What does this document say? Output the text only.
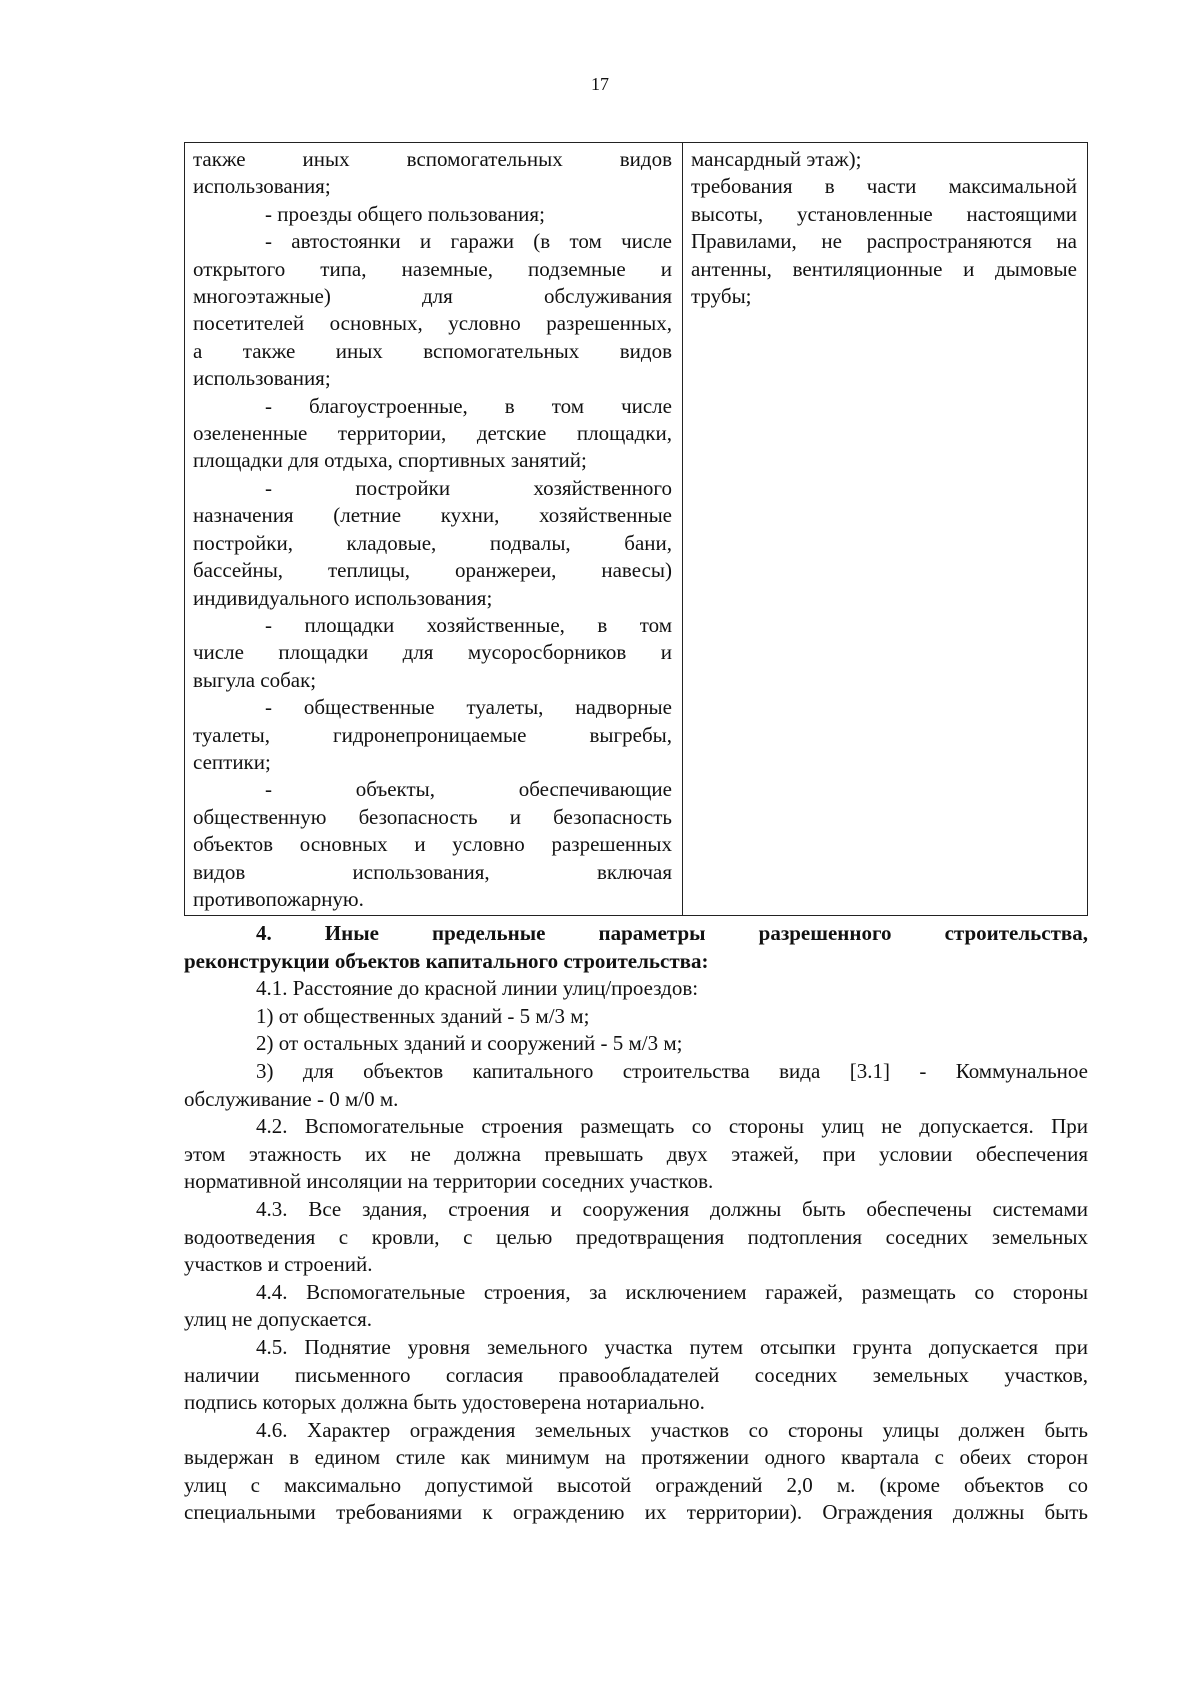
17
также иных вспомогательных видов
использования;
- проезды общего пользования;
- автостоянки и гаражи (в том числе
открытого типа, наземные, подземные и
многоэтажные) для обслуживания
посетителей основных, условно разрешенных,
а также иных вспомогательных видов
использования;
- благоустроенные, в том числе
озелененные территории, детские площадки,
площадки для отдыха, спортивных занятий;
- постройки хозяйственного
назначения (летние кухни, хозяйственные
постройки, кладовые, подвалы, бани,
бассейны, теплицы, оранжереи, навесы)
индивидуального использования;
- площадки хозяйственные, в том
числе площадки для мусоросборников и
выгула собак;
- общественные туалеты, надворные
туалеты, гидронепроницаемые выгребы,
септики;
- объекты, обеспечивающие
общественную безопасность и безопасность
объектов основных и условно разрешенных
видов использования, включая
противопожарную.
мансардный этаж);
требования в части максимальной
высоты, установленные настоящими
Правилами, не распространяются на
антенны, вентиляционные и дымовые
трубы;
4. Иные предельные параметры разрешенного строительства,
реконструкции объектов капитального строительства:
4.1. Расстояние до красной линии улиц/проездов:
1) от общественных зданий - 5 м/3 м;
2) от остальных зданий и сооружений - 5 м/3 м;
3) для объектов капитального строительства вида [3.1] - Коммунальное
обслуживание - 0 м/0 м.
4.2. Вспомогательные строения размещать со стороны улиц не допускается. При
этом этажность их не должна превышать двух этажей, при условии обеспечения
нормативной инсоляции на территории соседних участков.
4.3. Все здания, строения и сооружения должны быть обеспечены системами
водоотведения с кровли, с целью предотвращения подтопления соседних земельных
участков и строений.
4.4. Вспомогательные строения, за исключением гаражей, размещать со стороны
улиц не допускается.
4.5. Поднятие уровня земельного участка путем отсыпки грунта допускается при
наличии письменного согласия правообладателей соседних земельных участков,
подпись которых должна быть удостоверена нотариально.
4.6. Характер ограждения земельных участков со стороны улицы должен быть
выдержан в едином стиле как минимум на протяжении одного квартала с обеих сторон
улиц с максимально допустимой высотой ограждений 2,0 м. (кроме объектов со
специальными требованиями к ограждению их территории). Ограждения должны быть
